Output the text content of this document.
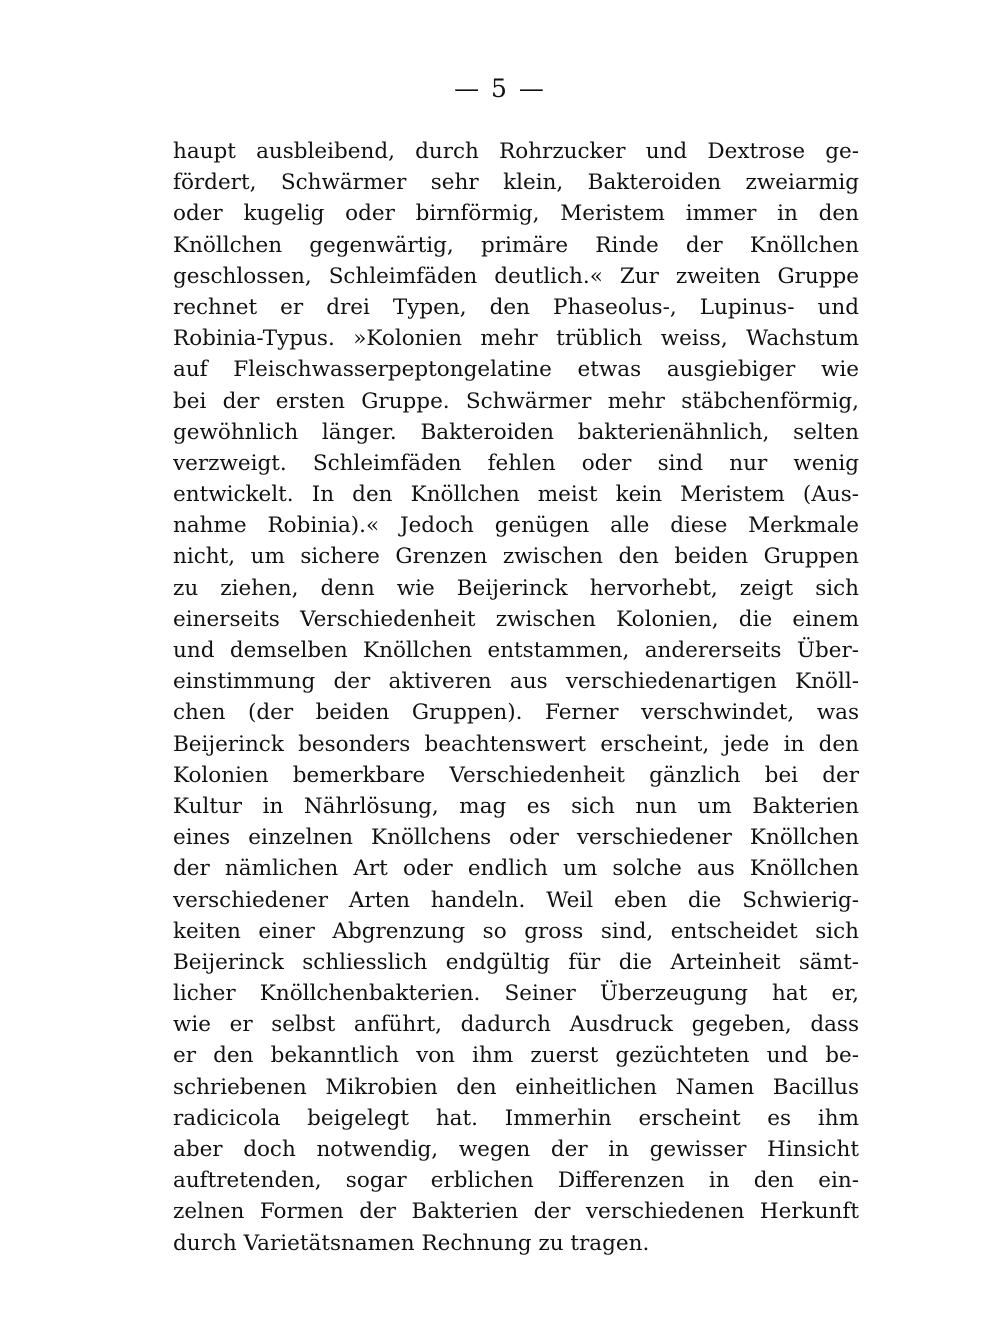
— 5 —
haupt ausbleibend, durch Rohrzucker und Dextrose ge-
fördert, Schwärmer sehr klein, Bakteroiden zweiarmig
oder kugelig oder birnförmig, Meristem immer in den
Knöllchen gegenwärtig, primäre Rinde der Knöllchen
geschlossen, Schleimfäden deutlich.« Zur zweiten Gruppe
rechnet er drei Typen, den Phaseolus-, Lupinus- und
Robinia-Typus. »Kolonien mehr trüblich weiss, Wachstum
auf Fleischwasserpeptongelatine etwas ausgiebiger wie
bei der ersten Gruppe. Schwärmer mehr stäbchenförmig,
gewöhnlich länger. Bakteroiden bakterienähnlich, selten
verzweigt. Schleimfäden fehlen oder sind nur wenig
entwickelt. In den Knöllchen meist kein Meristem (Aus-
nahme Robinia).« Jedoch genügen alle diese Merkmale
nicht, um sichere Grenzen zwischen den beiden Gruppen
zu ziehen, denn wie Beijerinck hervorhebt, zeigt sich
einerseits Verschiedenheit zwischen Kolonien, die einem
und demselben Knöllchen entstammen, andererseits Über-
einstimmung der aktiveren aus verschiedenartigen Knöll-
chen (der beiden Gruppen). Ferner verschwindet, was
Beijerinck besonders beachtenswert erscheint, jede in den
Kolonien bemerkbare Verschiedenheit gänzlich bei der
Kultur in Nährlösung, mag es sich nun um Bakterien
eines einzelnen Knöllchens oder verschiedener Knöllchen
der nämlichen Art oder endlich um solche aus Knöllchen
verschiedener Arten handeln. Weil eben die Schwierig-
keiten einer Abgrenzung so gross sind, entscheidet sich
Beijerinck schliesslich endgültig für die Arteinheit sämt-
licher Knöllchenbakterien. Seiner Überzeugung hat er,
wie er selbst anführt, dadurch Ausdruck gegeben, dass
er den bekanntlich von ihm zuerst gezüchteten und be-
schriebenen Mikrobien den einheitlichen Namen Bacillus
radicicola beigelegt hat. Immerhin erscheint es ihm
aber doch notwendig, wegen der in gewisser Hinsicht
auftretenden, sogar erblichen Differenzen in den ein-
zelnen Formen der Bakterien der verschiedenen Herkunft
durch Varietätsnamen Rechnung zu tragen.
